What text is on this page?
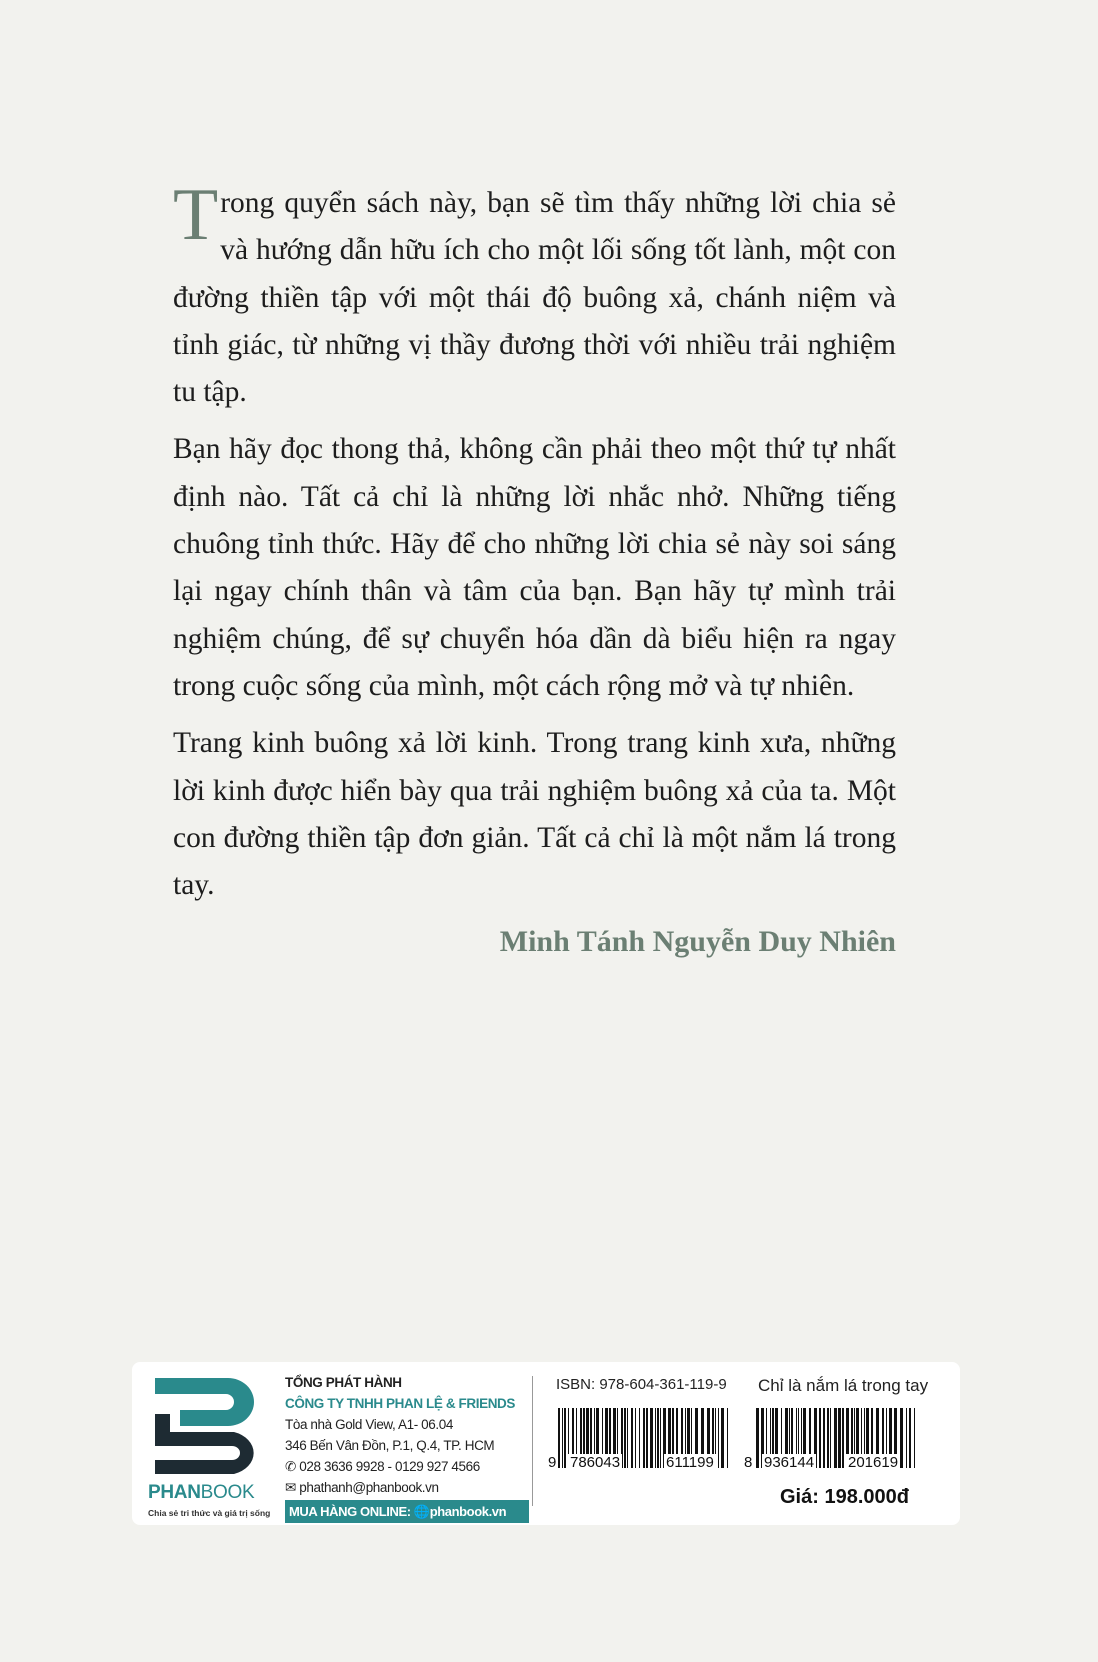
Trong quyển sách này, bạn sẽ tìm thấy những lời chia sẻ và hướng dẫn hữu ích cho một lối sống tốt lành, một con đường thiền tập với một thái độ buông xả, chánh niệm và tỉnh giác, từ những vị thầy đương thời với nhiều trải nghiệm tu tập.

Bạn hãy đọc thong thả, không cần phải theo một thứ tự nhất định nào. Tất cả chỉ là những lời nhắc nhở. Những tiếng chuông tỉnh thức. Hãy để cho những lời chia sẻ này soi sáng lại ngay chính thân và tâm của bạn. Bạn hãy tự mình trải nghiệm chúng, để sự chuyển hóa dần dà biểu hiện ra ngay trong cuộc sống của mình, một cách rộng mở và tự nhiên.

Trang kinh buông xả lời kinh. Trong trang kinh xưa, những lời kinh được hiển bày qua trải nghiệm buông xả của ta. Một con đường thiền tập đơn giản. Tất cả chỉ là một nắm lá trong tay.

Minh Tánh Nguyễn Duy Nhiên
PHANBOOK
Chia sẻ tri thức và giá trị sống
TỔNG PHÁT HÀNH
CÔNG TY TNHH PHAN LỆ & FRIENDS
Tòa nhà Gold View, A1- 06.04
346 Bến Vân Đồn, P.1, Q.4, TP. HCM
✆ 028 3636 9928 - 0129 927 4566
✉ phathanh@phanbook.vn
MUA HÀNG ONLINE: 🌐phanbook.vn
ISBN: 978-604-361-119-9 Chỉ là nắm lá trong tay
9 786043	611199 8 936144 201619
Giá: 198.000đ
